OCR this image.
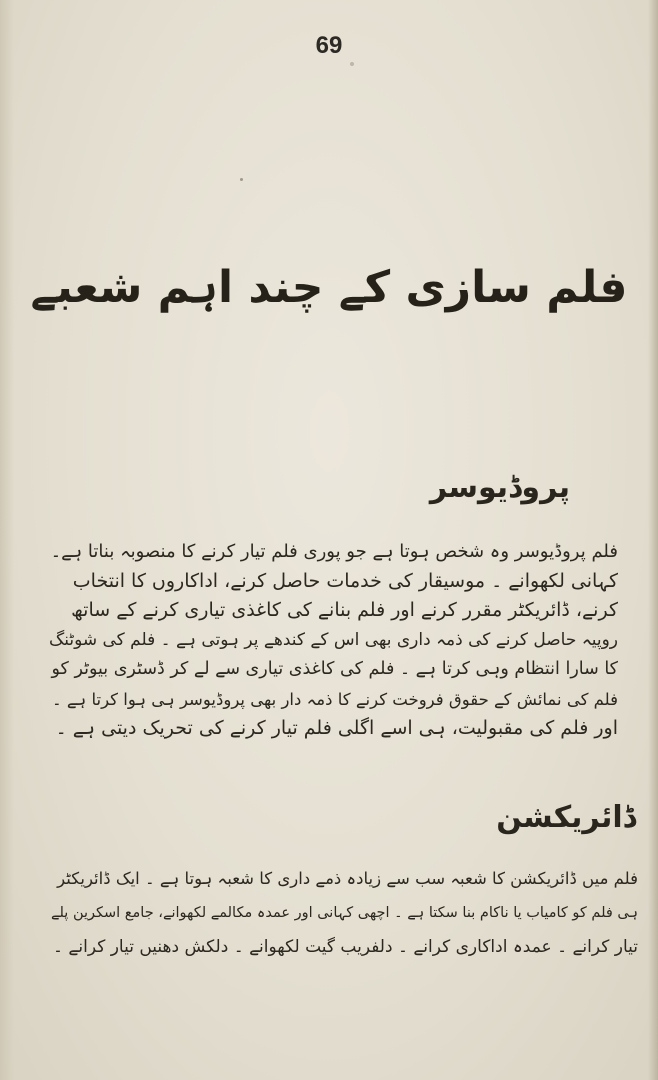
69
فلم سازی کے چند اہم شعبے
پروڈیوسر
فلم پروڈیوسر وہ شخص ہوتا ہے جو پوری فلم تیار کرنے کا منصوبہ بناتا ہے۔
کہانی لکھوانے ۔ موسیقار کی خدمات حاصل کرنے، اداکاروں کا انتخاب
کرنے، ڈائریکٹر مقرر کرنے اور فلم بنانے کی کاغذی تیاری کرنے کے ساتھ
روپیہ حاصل کرنے کی ذمہ داری بھی اس کے کندھے پر ہوتی ہے ۔ فلم کی شوٹنگ
کا سارا انتظام وہی کرتا ہے ۔ فلم کی کاغذی تیاری سے لے کر ڈسٹری بیوٹر کو
فلم کی نمائش کے حقوق فروخت کرنے کا ذمہ دار بھی پروڈیوسر ہی ہوا کرتا ہے ۔
اور فلم کی مقبولیت، ہی اسے اگلی فلم تیار کرنے کی تحریک دیتی ہے ۔
ڈائریکشن
فلم میں ڈائریکشن کا شعبہ سب سے زیادہ ذمے داری کا شعبہ ہوتا ہے ۔ ایک ڈائریکٹر
ہی فلم کو کامیاب یا ناکام بنا سکتا ہے ۔ اچھی کہانی اور عمدہ مکالمے لکھوانے، جامع اسکرین پلے
تیار کرانے ۔ عمدہ اداکاری کرانے ۔ دلفریب گیت لکھوانے ۔ دلکش دھنیں تیار کرانے ۔
